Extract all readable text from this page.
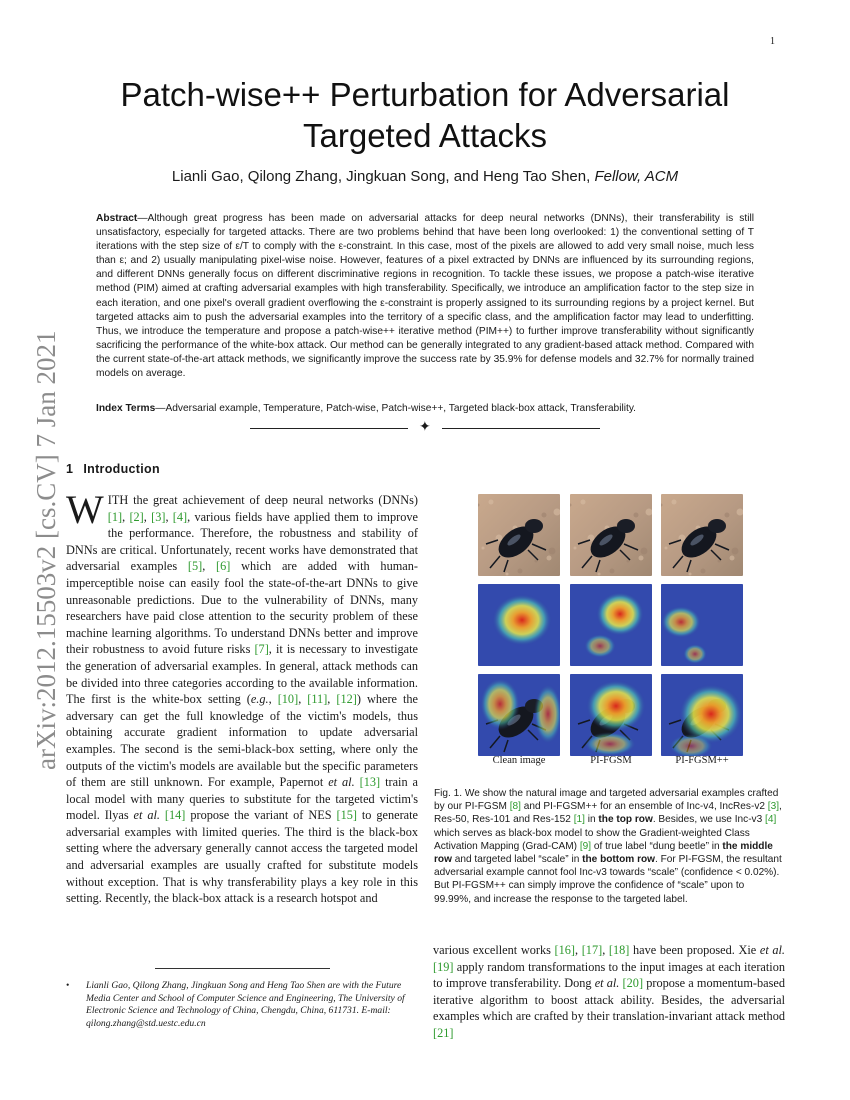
1
arXiv:2012.15503v2 [cs.CV] 7 Jan 2021
Patch-wise++ Perturbation for Adversarial Targeted Attacks
Lianli Gao, Qilong Zhang, Jingkuan Song, and Heng Tao Shen, Fellow, ACM
Abstract—Although great progress has been made on adversarial attacks for deep neural networks (DNNs), their transferability is still unsatisfactory, especially for targeted attacks. There are two problems behind that have been long overlooked: 1) the conventional setting of T iterations with the step size of ε/T to comply with the ε-constraint. In this case, most of the pixels are allowed to add very small noise, much less than ε; and 2) usually manipulating pixel-wise noise. However, features of a pixel extracted by DNNs are influenced by its surrounding regions, and different DNNs generally focus on different discriminative regions in recognition. To tackle these issues, we propose a patch-wise iterative method (PIM) aimed at crafting adversarial examples with high transferability. Specifically, we introduce an amplification factor to the step size in each iteration, and one pixel's overall gradient overflowing the ε-constraint is properly assigned to its surrounding regions by a project kernel. But targeted attacks aim to push the adversarial examples into the territory of a specific class, and the amplification factor may lead to underfitting. Thus, we introduce the temperature and propose a patch-wise++ iterative method (PIM++) to further improve transferability without significantly sacrificing the performance of the white-box attack. Our method can be generally integrated to any gradient-based attack method. Compared with the current state-of-the-art attack methods, we significantly improve the success rate by 35.9% for defense models and 32.7% for normally trained models on average.
Index Terms—Adversarial example, Temperature, Patch-wise, Patch-wise++, Targeted black-box attack, Transferability.
✦
1 Introduction
WITH the great achievement of deep neural networks (DNNs) [1], [2], [3], [4], various fields have applied them to improve the performance. Therefore, the robustness and stability of DNNs are critical. Unfortunately, recent works have demonstrated that adversarial examples [5], [6] which are added with human-imperceptible noise can easily fool the state-of-the-art DNNs to give unreasonable predictions. Due to the vulnerability of DNNs, many researchers have paid close attention to the security problem of these machine learning algorithms. To understand DNNs better and improve their robustness to avoid future risks [7], it is necessary to investigate the generation of adversarial examples. In general, attack methods can be divided into three categories according to the available information. The first is the white-box setting (e.g., [10], [11], [12]) where the adversary can get the full knowledge of the victim's models, thus obtaining accurate gradient information to update adversarial examples. The second is the semi-black-box setting, where only the outputs of the victim's models are available but the specific parameters of them are still unknown. For example, Papernot et al. [13] train a local model with many queries to substitute for the targeted victim's model. Ilyas et al. [14] propose the variant of NES [15] to generate adversarial examples with limited queries. The third is the black-box setting where the adversary generally cannot access the targeted model and adversarial examples are usually crafted for substitute models without exception. That is why transferability plays a key role in this setting. Recently, the black-box attack is a research hotspot and
Clean image	PI-FGSM	PI-FGSM++
Fig. 1. We show the natural image and targeted adversarial examples crafted by our PI-FGSM [8] and PI-FGSM++ for an ensemble of Inc-v4, IncRes-v2 [3], Res-50, Res-101 and Res-152 [1] in the top row. Besides, we use Inc-v3 [4] which serves as black-box model to show the Gradient-weighted Class Activation Mapping (Grad-CAM) [9] of true label “dung beetle” in the middle row and targeted label “scale” in the bottom row. For PI-FGSM, the resultant adversarial example cannot fool Inc-v3 towards “scale” (confidence < 0.02%). But PI-FGSM++ can simply improve the confidence of “scale” upon to 99.99%, and increase the response to the targeted label.
various excellent works [16], [17], [18] have been proposed. Xie et al. [19] apply random transformations to the input images at each iteration to improve transferability. Dong et al. [20] propose a momentum-based iterative algorithm to boost attack ability. Besides, the adversarial examples which are crafted by their translation-invariant attack method [21]
• Lianli Gao, Qilong Zhang, Jingkuan Song and Heng Tao Shen are with the Future Media Center and School of Computer Science and Engineering, The University of Electronic Science and Technology of China, Chengdu, China, 611731. E-mail: qilong.zhang@std.uestc.edu.cn
